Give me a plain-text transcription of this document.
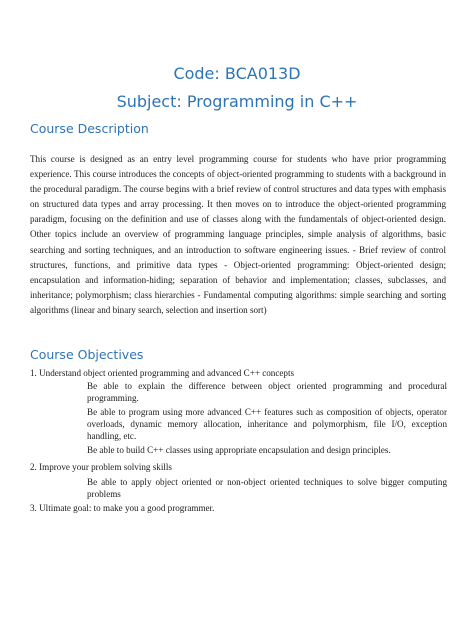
Code: BCA013D
Subject: Programming in C++
Course Description

This course is designed as an entry level programming course for students who have prior programming experience. This course introduces the concepts of object-oriented programming to students with a background in the procedural paradigm. The course begins with a brief review of control structures and data types with emphasis on structured data types and array processing. It then moves on to introduce the object-oriented programming paradigm, focusing on the definition and use of classes along with the fundamentals of object-oriented design. Other topics include an overview of programming language principles, simple analysis of algorithms, basic searching and sorting techniques, and an introduction to software engineering issues. - Brief review of control structures, functions, and primitive data types - Object-oriented programming: Object-oriented design; encapsulation and information-hiding; separation of behavior and implementation; classes, subclasses, and inheritance; polymorphism; class hierarchies - Fundamental computing algorithms: simple searching and sorting algorithms (linear and binary search, selection and insertion sort)

Course Objectives

1. Understand object oriented programming and advanced C++ concepts

Be able to explain the difference between object oriented programming and procedural programming.

Be able to program using more advanced C++ features such as composition of objects, operator overloads, dynamic memory allocation, inheritance and polymorphism, file I/O, exception handling, etc.

Be able to build C++ classes using appropriate encapsulation and design principles.

2. Improve your problem solving skills

Be able to apply object oriented or non-object oriented techniques to solve bigger computing problems

3. Ultimate goal: to make you a good programmer.
